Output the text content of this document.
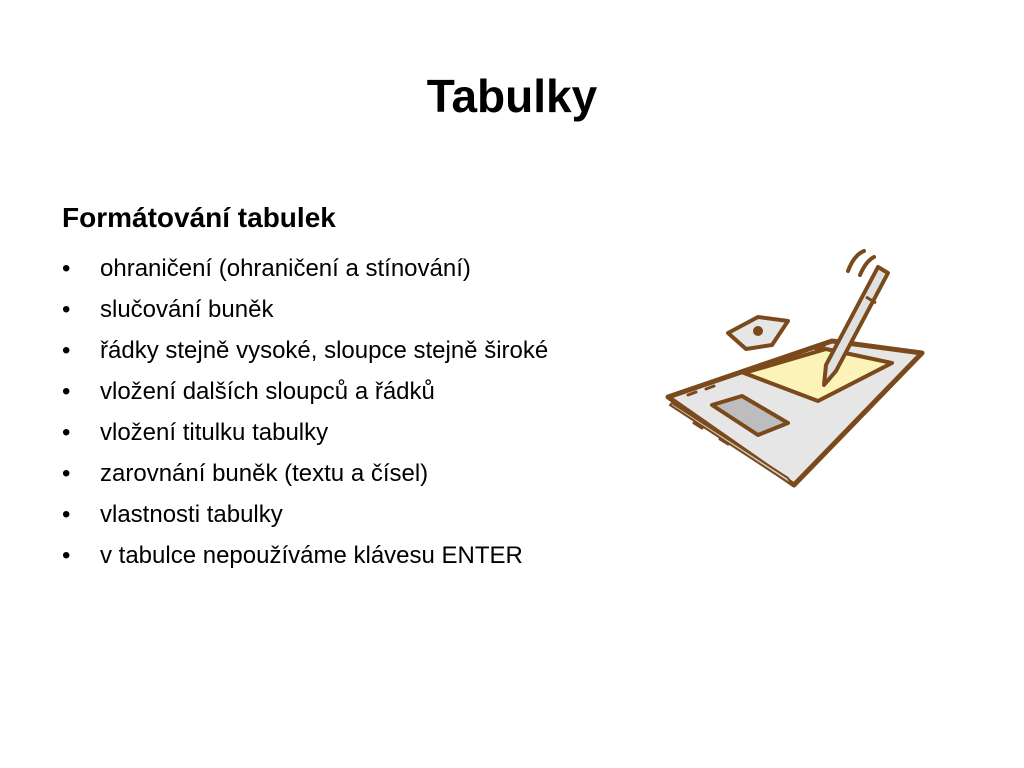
Tabulky
Formátování tabulek
•	ohraničení (ohraničení a stínování)
•	slučování buněk
•	řádky stejně vysoké, sloupce stejně široké
•	vložení dalších sloupců a řádků
•	vložení titulku tabulky
•	zarovnání buněk (textu a čísel)
•	vlastnosti tabulky
•	v tabulce nepoužíváme klávesu ENTER
